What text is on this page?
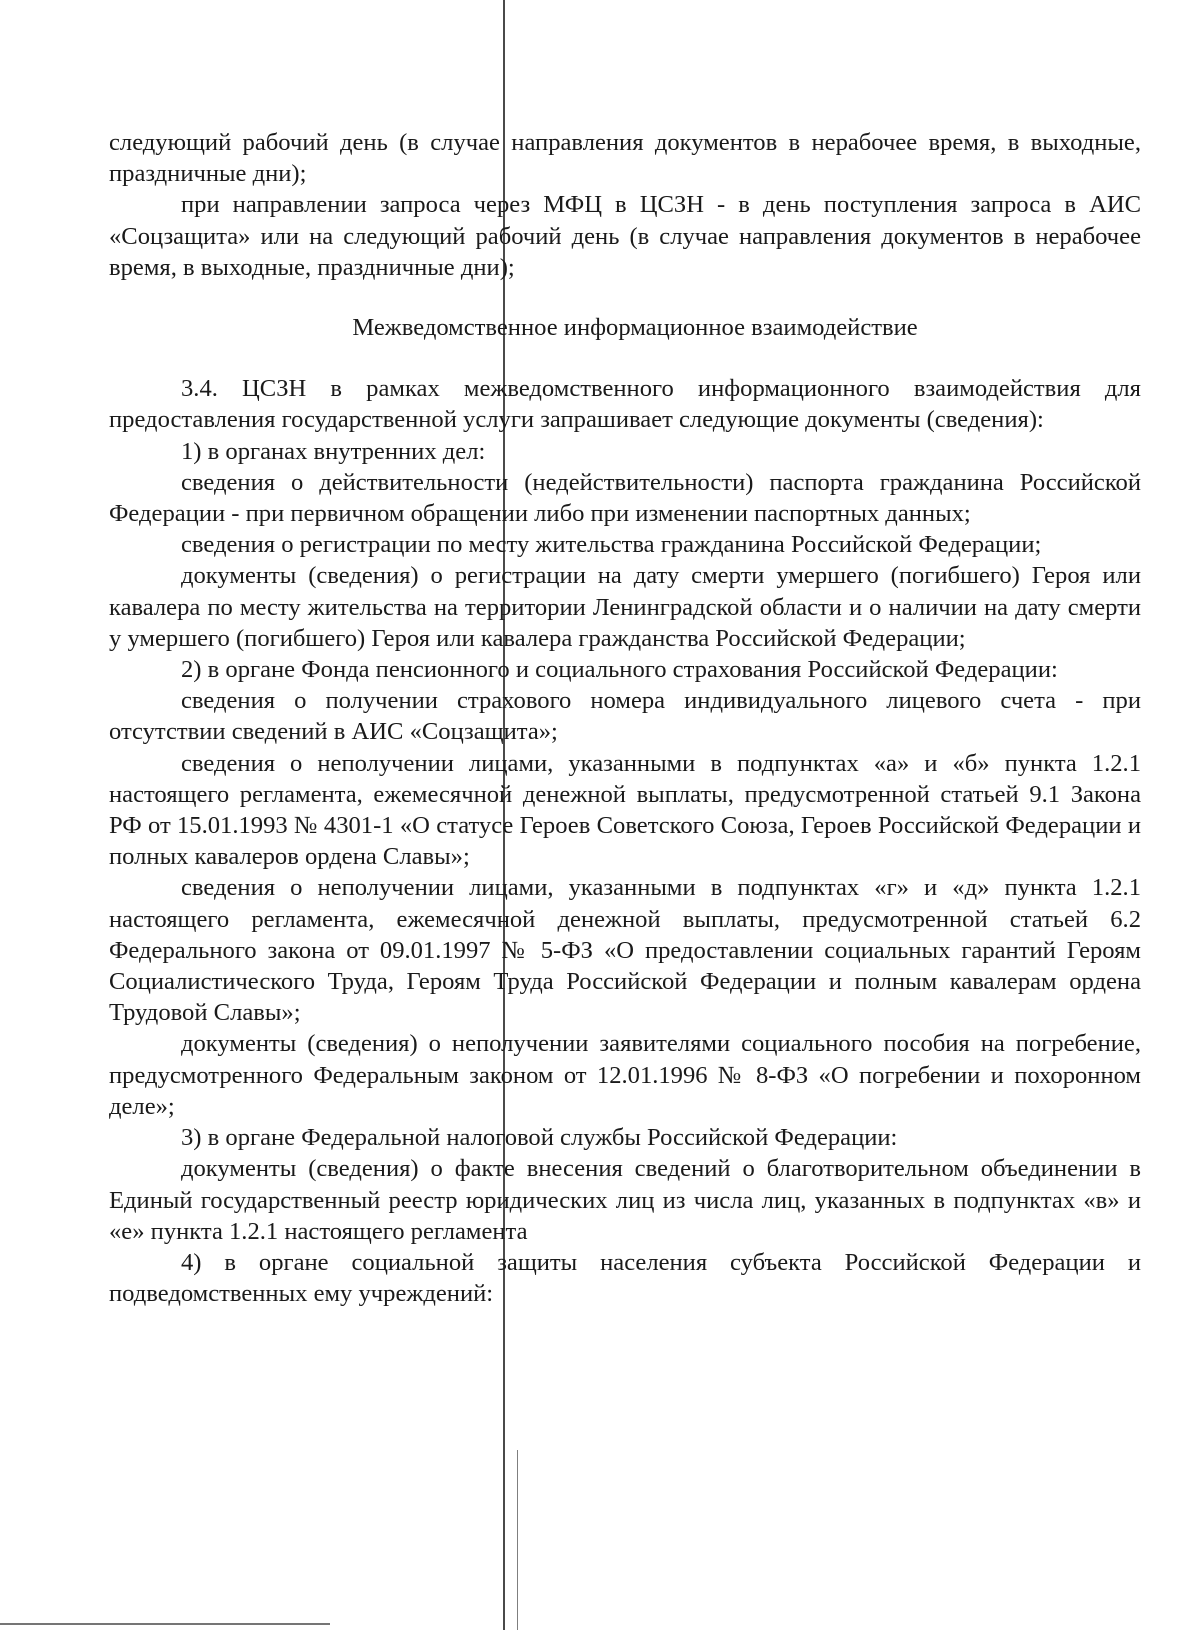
следующий рабочий день (в случае направления документов в нерабочее время, в выходные, праздничные дни);

при направлении запроса через МФЦ в ЦСЗН - в день поступления запроса в АИС «Соцзащита» или на следующий рабочий день (в случае направления документов в нерабочее время, в выходные, праздничные дни);

Межведомственное информационное взаимодействие

3.4. ЦСЗН в рамках межведомственного информационного взаимодействия для предоставления государственной услуги запрашивает следующие документы (сведения):

1) в органах внутренних дел:

сведения о действительности (недействительности) паспорта гражданина Российской Федерации - при первичном обращении либо при изменении паспортных данных;

сведения о регистрации по месту жительства гражданина Российской Федерации;

документы (сведения) о регистрации на дату смерти умершего (погибшего) Героя или кавалера по месту жительства на территории Ленинградской области и о наличии на дату смерти у умершего (погибшего) Героя или кавалера гражданства Российской Федерации;

2) в органе Фонда пенсионного и социального страхования Российской Федерации:

сведения о получении страхового номера индивидуального лицевого счета - при отсутствии сведений в АИС «Соцзащита»;

сведения о неполучении лицами, указанными в подпунктах «а» и «б» пункта 1.2.1 настоящего регламента, ежемесячной денежной выплаты, предусмотренной статьей 9.1 Закона РФ от 15.01.1993 № 4301-1 «О статусе Героев Советского Союза, Героев Российской Федерации и полных кавалеров ордена Славы»;

сведения о неполучении лицами, указанными в подпунктах «г» и «д» пункта 1.2.1 настоящего регламента, ежемесячной денежной выплаты, предусмотренной статьей 6.2 Федерального закона от 09.01.1997 № 5-ФЗ «О предоставлении социальных гарантий Героям Социалистического Труда, Героям Труда Российской Федерации и полным кавалерам ордена Трудовой Славы»;

документы (сведения) о неполучении заявителями социального пособия на погребение, предусмотренного Федеральным законом от 12.01.1996 № 8-ФЗ «О погребении и похоронном деле»;

3) в органе Федеральной налоговой службы Российской Федерации:

документы (сведения) о факте внесения сведений о благотворительном объединении в Единый государственный реестр юридических лиц из числа лиц, указанных в подпунктах «в» и «е» пункта 1.2.1 настоящего регламента

4) в органе социальной защиты населения субъекта Российской Федерации и подведомственных ему учреждений:
